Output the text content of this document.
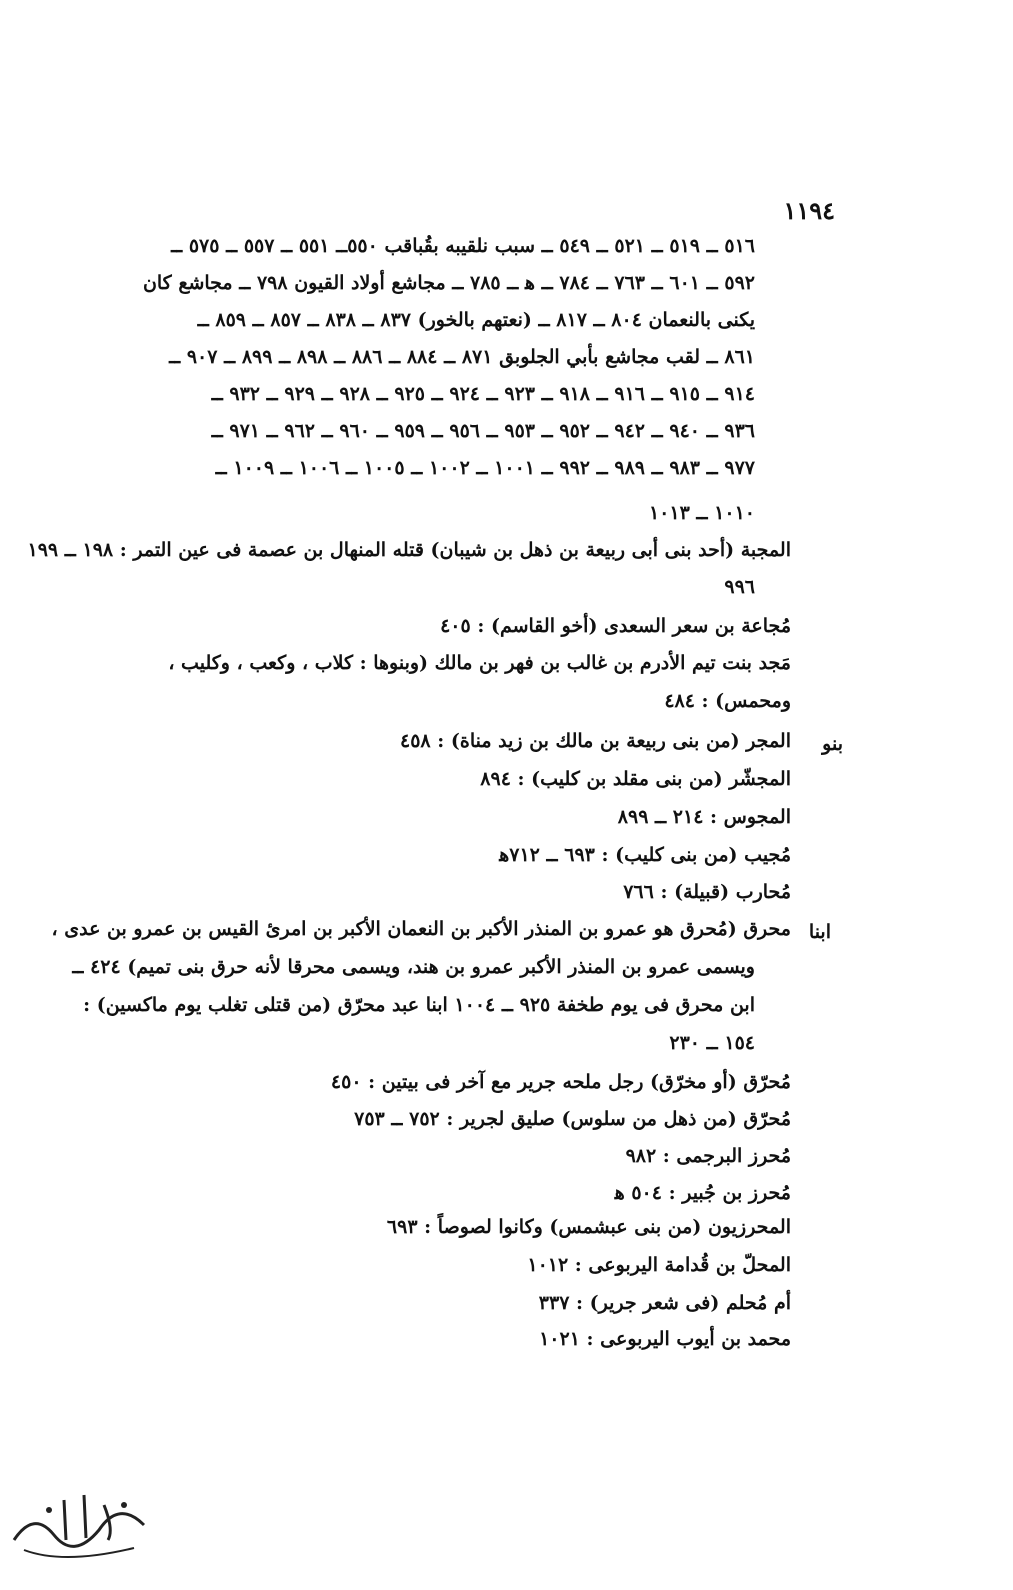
١١٩٤
٥١٦ ــ ٥١٩ ــ ٥٢١ ــ ٥٤٩ ــ سبب نلقيبه بقُباقب ٥٥٠ــ ٥٥١ ــ ٥٥٧ ــ ٥٧٥ ــ
٥٩٢ ــ ٦٠١ ــ ٧٦٣ ــ ٧٨٤ ــ ﻫ ــ ٧٨٥ ــ مجاشع أولاد القيون ٧٩٨ ــ مجاشع كان
يكنى بالنعمان ٨٠٤ ــ ٨١٧ ــ (نعتهم بالخور) ٨٣٧ ــ ٨٣٨ ــ ٨٥٧ ــ ٨٥٩ ــ
٨٦١ ــ لقب مجاشع بأبي الجلوبق ٨٧١ ــ ٨٨٤ ــ ٨٨٦ ــ ٨٩٨ ــ ٨٩٩ ــ ٩٠٧ ــ
٩١٤ ــ ٩١٥ ــ ٩١٦ ــ ٩١٨ ــ ٩٢٣ ــ ٩٢٤ ــ ٩٢٥ ــ ٩٢٨ ــ ٩٢٩ ــ ٩٣٢ ــ
٩٣٦ ــ ٩٤٠ ــ ٩٤٢ ــ ٩٥٢ ــ ٩٥٣ ــ ٩٥٦ ــ ٩٥٩ ــ ٩٦٠ ــ ٩٦٢ ــ ٩٧١ ــ
٩٧٧ ــ ٩٨٣ ــ ٩٨٩ ــ ٩٩٢ ــ ١٠٠١ ــ ١٠٠٢ ــ ١٠٠٥ ــ ١٠٠٦ ــ ١٠٠٩ ــ
١٠١٠ ــ ١٠١٣
المجبة (أحد بنى أبى ربيعة بن ذهل بن شيبان) قتله المنهال بن عصمة فى عين التمر : ١٩٨ ــ ١٩٩
٩٩٦
مُجاعة بن سعر السعدى (أخو القاسم) : ٤٠٥
مَجد بنت تيم الأدرم بن غالب بن فهر بن مالك (وبنوها : كلاب ، وكعب ، وكليب ،
ومحمس) : ٤٨٤
بنو
المجر (من بنى ربيعة بن مالك بن زيد مناة) : ٤٥٨
المجشّر (من بنى مقلد بن كليب) : ٨٩٤
المجوس : ٢١٤ ــ ٨٩٩
مُجيب (من بنى كليب) : ٦٩٣ ــ ٧١٢ﻫ
مُحارب (قبيلة) : ٧٦٦
ابنا
محرق (مُحرق هو عمرو بن المنذر الأكبر بن النعمان الأكبر بن امرئ القيس بن عمرو بن عدى ،
ويسمى عمرو بن المنذر الأكبر عمرو بن هند، ويسمى محرقا لأنه حرق بنى تميم) ٤٢٤ ــ
ابن محرق فى يوم طخفة ٩٢٥ ــ ١٠٠٤ ابنا عبد محرّق (من قتلى تغلب يوم ماكسين) :
١٥٤ ــ ٢٣٠
مُحرّق (أو مخرّق) رجل ملحه جرير مع آخر فى بيتين : ٤٥٠
مُحرّق (من ذهل من سلوس) صليق لجرير : ٧٥٢ ــ ٧٥٣
مُحرز البرجمى : ٩٨٢
مُحرز بن جُبير : ٥٠٤ ﻫ
المحرزيون (من بنى عبشمس) وكانوا لصوصاً : ٦٩٣
المحلّ بن قُدامة اليربوعى : ١٠١٢
أم مُحلم (فى شعر جرير) : ٣٣٧
محمد بن أيوب اليربوعى : ١٠٢١
